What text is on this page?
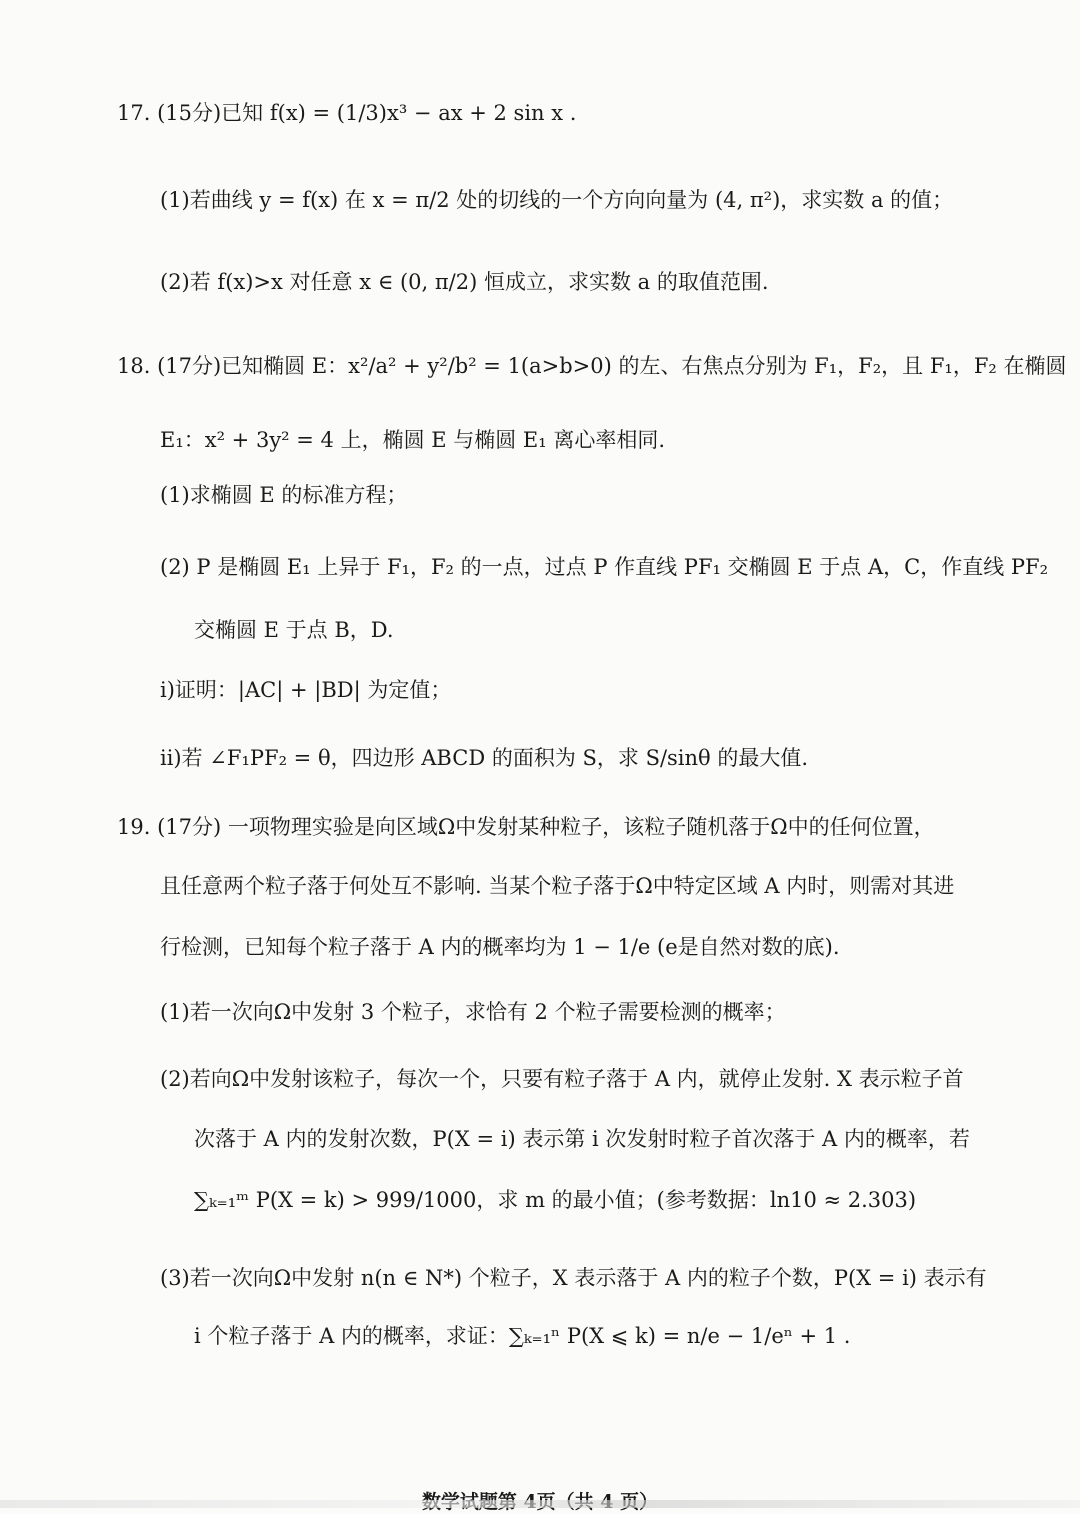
17. (15分)已知 f(x) = (1/3)x³ − ax + 2 sin x .
(1)若曲线 y = f(x) 在 x = π/2 处的切线的一个方向向量为 (4, π²)，求实数 a 的值；
(2)若 f(x)>x 对任意 x ∈ (0, π/2) 恒成立，求实数 a 的取值范围.
18. (17分)已知椭圆 E：x²/a² + y²/b² = 1(a>b>0) 的左、右焦点分别为 F₁，F₂，且 F₁，F₂ 在椭圆
E₁：x² + 3y² = 4 上，椭圆 E 与椭圆 E₁ 离心率相同.
(1)求椭圆 E 的标准方程；
(2) P 是椭圆 E₁ 上异于 F₁，F₂ 的一点，过点 P 作直线 PF₁ 交椭圆 E 于点 A，C，作直线 PF₂
交椭圆 E 于点 B，D.
ⅰ)证明：|AC| + |BD| 为定值；
ⅱ)若 ∠F₁PF₂ = θ，四边形 ABCD 的面积为 S，求 S/sinθ 的最大值.
19. (17分) 一项物理实验是向区域Ω中发射某种粒子，该粒子随机落于Ω中的任何位置，
且任意两个粒子落于何处互不影响. 当某个粒子落于Ω中特定区域 A 内时，则需对其进
行检测，已知每个粒子落于 A 内的概率均为 1 − 1/e (e是自然对数的底).
(1)若一次向Ω中发射 3 个粒子，求恰有 2 个粒子需要检测的概率；
(2)若向Ω中发射该粒子，每次一个，只要有粒子落于 A 内，就停止发射. X 表示粒子首
次落于 A 内的发射次数，P(X = i) 表示第 i 次发射时粒子首次落于 A 内的概率，若
∑ₖ₌₁ᵐ P(X = k) > 999/1000，求 m 的最小值；(参考数据：ln10 ≈ 2.303)
(3)若一次向Ω中发射 n(n ∈ N*) 个粒子，X 表示落于 A 内的粒子个数，P(X = i) 表示有
i 个粒子落于 A 内的概率，求证：∑ₖ₌₁ⁿ P(X ⩽ k) = n/e − 1/eⁿ + 1 .
